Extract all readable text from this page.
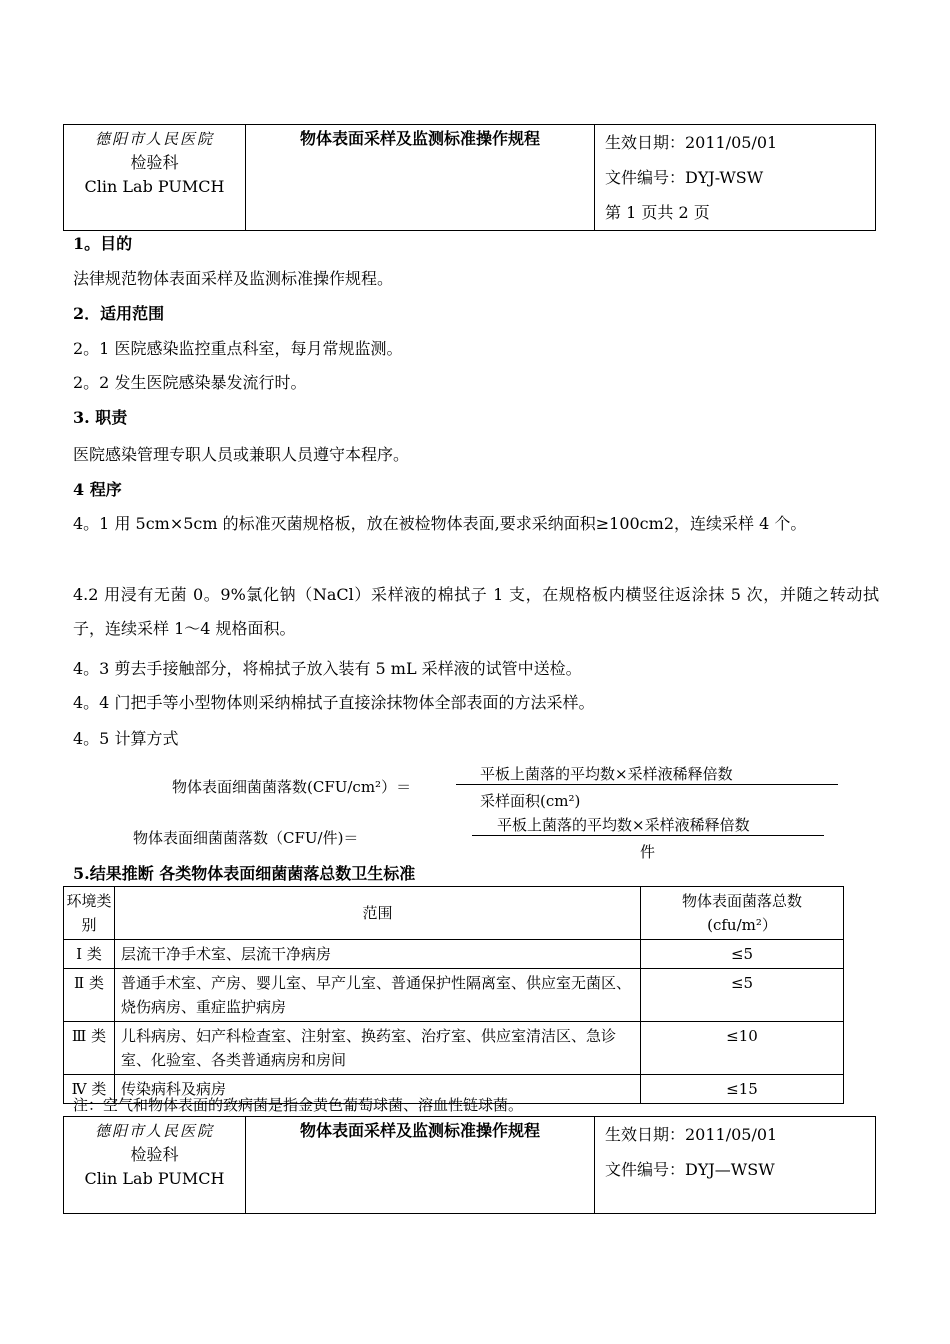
德阳市人民医院
检验科
Clin Lab PUMCH
	物体表面采样及监测标准操作规程	生效日期：2011/05/01
文件编号：DYJ-WSW
第 1 页共 2 页
1。目的
法律规范物体表面采样及监测标准操作规程。
2．适用范围
2。1 医院感染监控重点科室，每月常规监测。
2。2 发生医院感染暴发流行时。
3. 职责
医院感染管理专职人员或兼职人员遵守本程序。
4 程序
4。1 用 5cm×5cm 的标准灭菌规格板，放在被检物体表面,要求采纳面积≥100cm2，连续采样 4 个。
4.2 用浸有无菌 0。9%氯化钠（NaCl）采样液的棉拭子 1 支，在规格板内横竖往返涂抹 5 次，并随之转动拭子，连续采样 1～4 规格面积。
4。3 剪去手接触部分，将棉拭子放入装有 5 mL 采样液的试管中送检。
4。4 门把手等小型物体则采纳棉拭子直接涂抹物体全部表面的方法采样。
4。5 计算方式
物体表面细菌菌落数(CFU/cm²）＝
平板上菌落的平均数×采样液稀释倍数
采样面积(cm²)
物体表面细菌菌落数（CFU/件)＝
平板上菌落的平均数×采样液稀释倍数
件
5.结果推断 各类物体表面细菌菌落总数卫生标准
环境类别	范围	物体表面菌落总数
(cfu/m²）

Ⅰ 类	层流干净手术室、层流干净病房	≤5
Ⅱ 类	普通手术室、产房、婴儿室、早产儿室、普通保护性隔离室、供应室无菌区、烧伤病房、重症监护病房	≤5
Ⅲ 类	儿科病房、妇产科检查室、注射室、换药室、治疗室、供应室清洁区、急诊室、化验室、各类普通病房和房间	≤10
Ⅳ 类	传染病科及病房	≤15
注：空气和物体表面的致病菌是指金黄色葡萄球菌、溶血性链球菌。
德阳市人民医院
检验科
Clin Lab PUMCH
	物体表面采样及监测标准操作规程	生效日期：2011/05/01
文件编号：DYJ—WSW
